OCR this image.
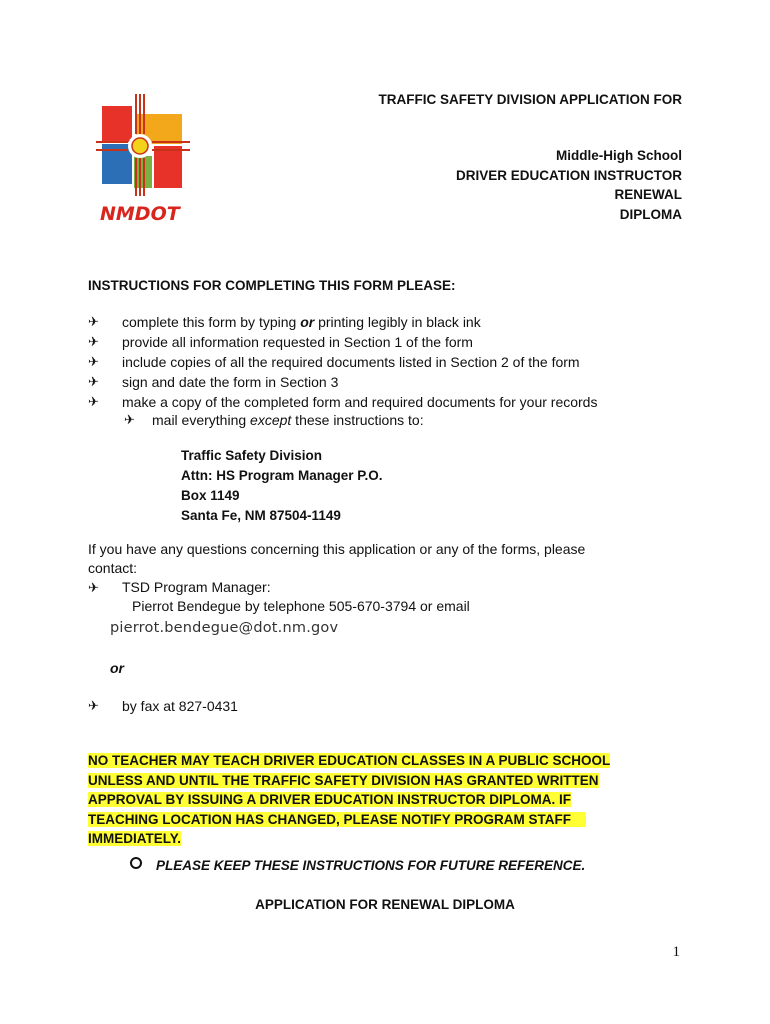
NMDOT
TRAFFIC SAFETY DIVISION APPLICATION FOR
Middle-High School
DRIVER EDUCATION INSTRUCTOR
RENEWAL
DIPLOMA
INSTRUCTIONS FOR COMPLETING THIS FORM PLEASE:
✈ complete this form by typing or printing legibly in black ink
✈ provide all information requested in Section 1 of the form
✈ include copies of all the required documents listed in Section 2 of the form
✈ sign and date the form in Section 3
✈ make a copy of the completed form and required documents for your records
✈ mail everything except these instructions to:
Traffic Safety Division
Attn: HS Program Manager P.O.
Box 1149
Santa Fe, NM 87504-1149
If you have any questions concerning this application or any of the forms, please
contact:
✈ TSD Program Manager:
Pierrot Bendegue by telephone 505-670-3794 or email
pierrot.bendegue@dot.nm.gov
or
✈ by fax at 827-0431
NO TEACHER MAY TEACH DRIVER EDUCATION CLASSES IN A PUBLIC SCHOOL
UNLESS AND UNTIL THE TRAFFIC SAFETY DIVISION HAS GRANTED WRITTEN
APPROVAL BY ISSUING A DRIVER EDUCATION INSTRUCTOR DIPLOMA. IF
TEACHING LOCATION HAS CHANGED, PLEASE NOTIFY PROGRAM STAFF
IMMEDIATELY.
PLEASE KEEP THESE INSTRUCTIONS FOR FUTURE REFERENCE.
APPLICATION FOR RENEWAL DIPLOMA
1
